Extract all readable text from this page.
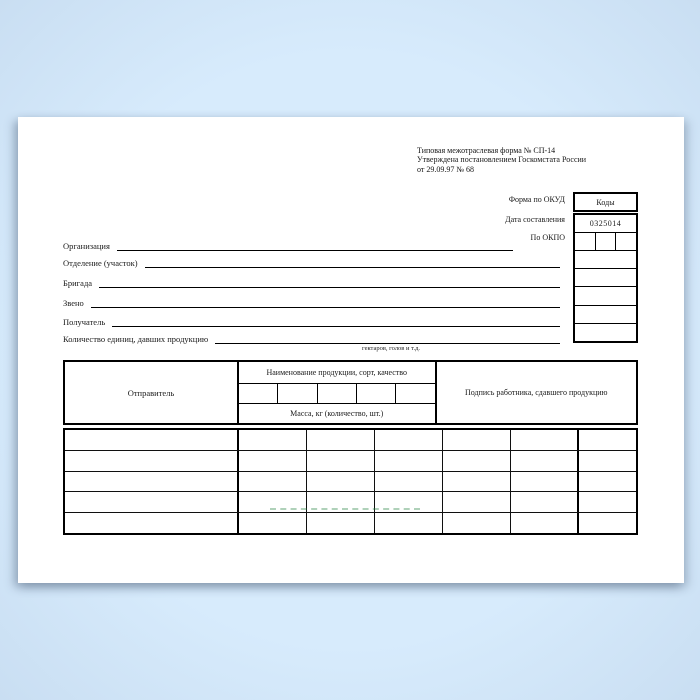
Типовая межотраслевая форма № СП-14
Утверждена постановлением Госкомстата России
от 29.09.97 № 68
Форма по ОКУД
Дата составления
По ОКПО
Коды
0325014
Организация
Отделение (участок)
Бригада
Звено
Получатель
Количество единиц, давших продукцию
гектаров, голов и т.д.
Отправитель
Наименование продукции, сорт, качество
Масса, кг (количество, шт.)
Подпись работника, сдавшего продукцию
